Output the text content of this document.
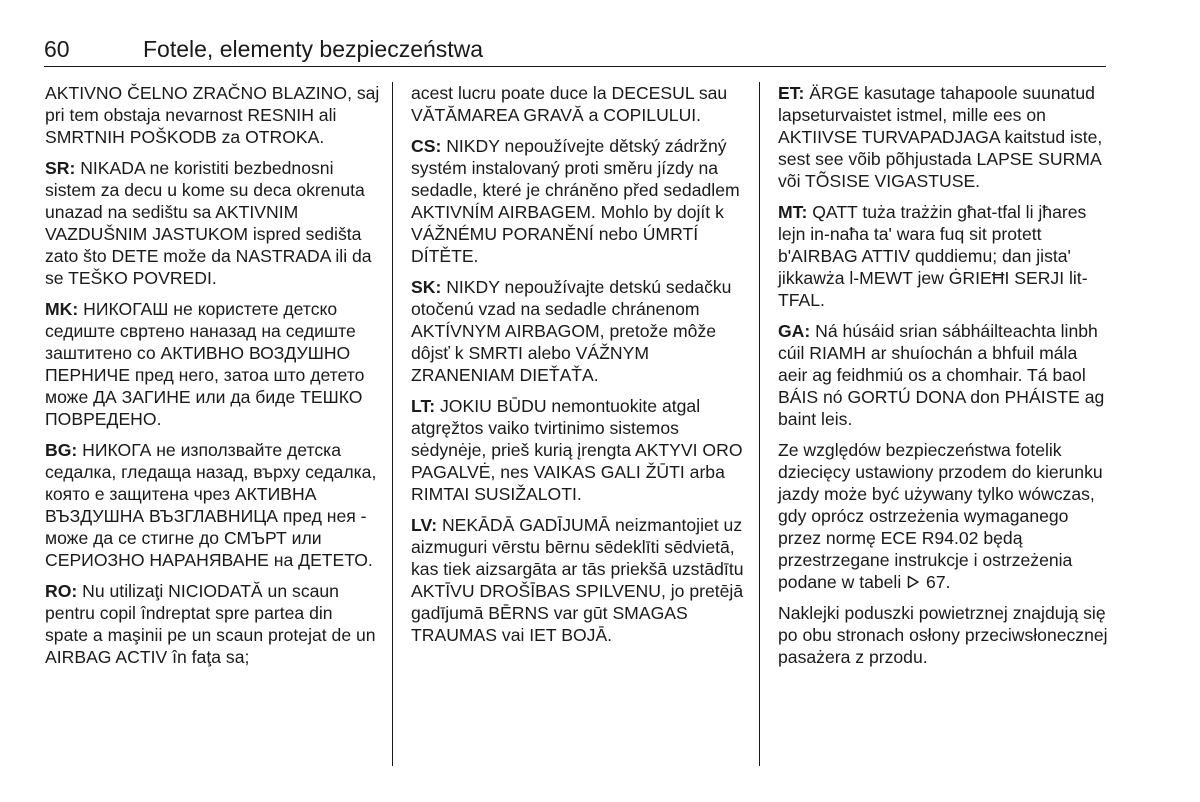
60	Fotele, elementy bezpieczeństwa

AKTIVNO ČELNO ZRAČNO BLAZINO, saj pri tem obstaja nevarnost RESNIH ali SMRTNIH POŠKODB za OTROKA.

SR: NIKADA ne koristiti bezbednosni sistem za decu u kome su deca okrenuta unazad na sedištu sa AKTIVNIM VAZDUŠNIM JASTUKOM ispred sedišta zato što DETE može da NASTRADA ili da se TEŠKO POVREDI.

MK: НИКОГАШ не користете детско седиште свртено наназад на седиште заштитено со АКТИВНО ВОЗДУШНО ПЕРНИЧЕ пред него, затоа што детето може ДА ЗАГИНЕ или да биде ТЕШКО ПОВРЕДЕНО.

BG: НИКОГА не използвайте детска седалка, гледаща назад, върху седалка, която е защитена чрез АКТИВНА ВЪЗДУШНА ВЪЗГЛАВНИЦА пред нея - може да се стигне до СМЪРТ или СЕРИОЗНО НАРАНЯВАНЕ на ДЕТЕТО.

RO: Nu utilizaţi NICIODATĂ un scaun pentru copil îndreptat spre partea din spate a maşinii pe un scaun protejat de un AIRBAG ACTIV în faţa sa;

acest lucru poate duce la DECESUL sau VĂTĂMAREA GRAVĂ a COPILULUI.

CS: NIKDY nepoužívejte dětský zádržný systém instalovaný proti směru jízdy na sedadle, které je chráněno před sedadlem AKTIVNÍM AIRBAGEM. Mohlo by dojít k VÁŽNÉMU PORANĚNÍ nebo ÚMRTÍ DÍTĚTE.

SK: NIKDY nepoužívajte detskú sedačku otočenú vzad na sedadle chránenom AKTÍVNYM AIRBAGOM, pretože môže dôjsť k SMRTI alebo VÁŽNYM ZRANENIAM DIEŤAŤA.

LT: JOKIU BŪDU nemontuokite atgal atgręžtos vaiko tvirtinimo sistemos sėdynėje, prieš kurią įrengta AKTYVI ORO PAGALVĖ, nes VAIKAS GALI ŽŪTI arba RIMTAI SUSIŽALOTI.

LV: NEKĀDĀ GADĪJUMĀ neizmantojiet uz aizmuguri vērstu bērnu sēdeklīti sēdvietā, kas tiek aizsargāta ar tās priekšā uzstādītu AKTĪVU DROŠĪBAS SPILVENU, jo pretējā gadījumā BĒRNS var gūt SMAGAS TRAUMAS vai IET BOJĀ.

ET: ÄRGE kasutage tahapoole suunatud lapseturvaistet istmel, mille ees on AKTIIVSE TURVAPADJAGA kaitstud iste, sest see võib põhjustada LAPSE SURMA või TÕSISE VIGASTUSE.

MT: QATT tuża trażżin għat-tfal li jħares lejn in-naħa ta' wara fuq sit protett b'AIRBAG ATTIV quddiemu; dan jista' jikkawża l-MEWT jew ĠRIEĦI SERJI lit-TFAL.

GA: Ná húsáid srian sábháilteachta linbh cúil RIAMH ar shuíochán a bhfuil mála aeir ag feidhmiú os a chomhair. Tá baol BÁIS nó GORTÚ DONA don PHÁISTE ag baint leis.

Ze względów bezpieczeństwa fotelik dziecięcy ustawiony przodem do kierunku jazdy może być używany tylko wówczas, gdy oprócz ostrzeżenia wymaganego przez normę ECE R94.02 będą przestrzegane instrukcje i ostrzeżenia podane w tabeli  67.

Naklejki poduszki powietrznej znajdują się po obu stronach osłony przeciwsłonecznej pasażera z przodu.
